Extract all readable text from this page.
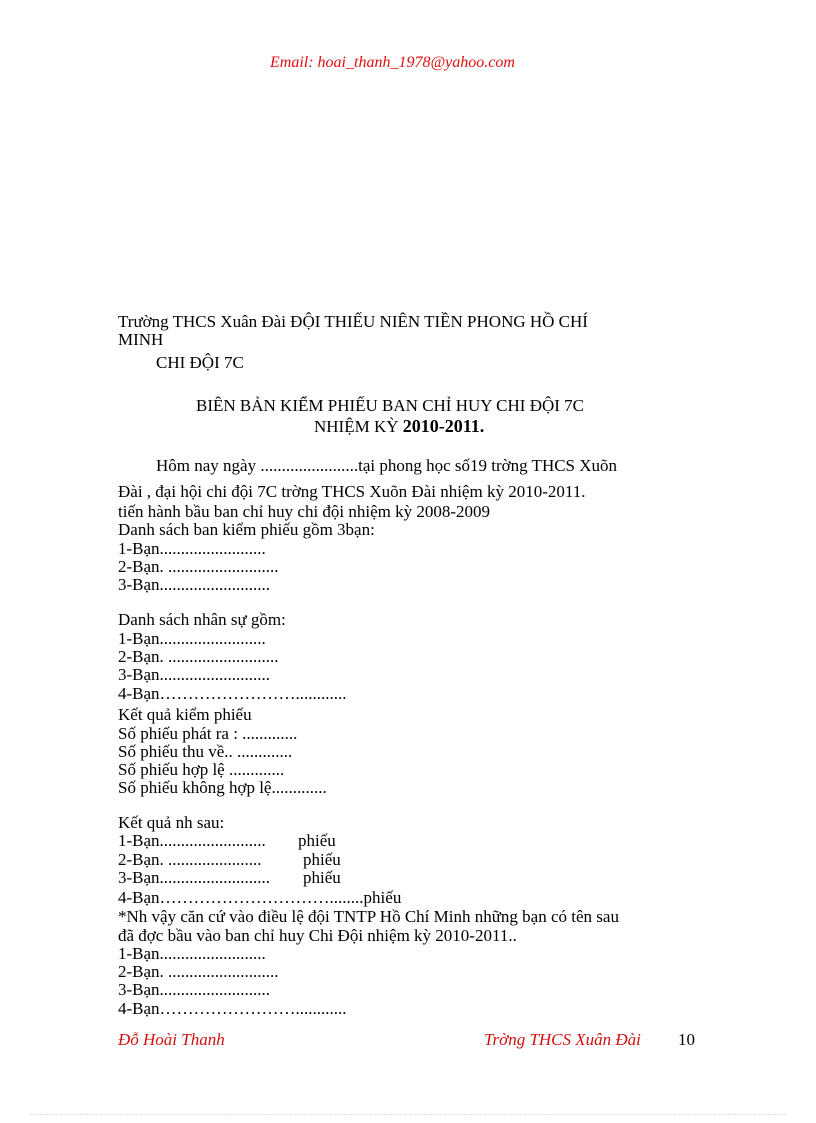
Email: hoai_thanh_1978@yahoo.com
Trường THCS Xuân Đài ĐỘI THIẾU NIÊN TIỀN PHONG HỒ CHÍ
MINH
CHI ĐỘI 7C
BIÊN BẢN KIỂM PHIẾU BAN CHỈ HUY CHI ĐỘI 7C
NHIỆM KỲ 2010-2011.
Hôm nay ngày .......................tại phong học số19 trờng THCS Xuõn
Đài , đại hội chi đội 7C trờng THCS Xuõn Đài nhiệm kỳ 2010-2011.
tiến hành bầu ban chỉ huy chi đội nhiệm kỳ 2008-2009
Danh sách ban kiểm phiếu gồm 3bạn:
1-Bạn.........................
2-Bạn. ..........................
3-Bạn..........................
Danh sách nhân sự gồm:
1-Bạn.........................
2-Bạn. ..........................
3-Bạn..........................
4-Bạn……………………............
Kết quả kiểm phiếu
Số phiếu phát ra : .............
Số phiếu thu về.. .............
Số phiếu hợp lệ .............
Số phiếu không hợp lệ.............
Kết quả nh sau:
1-Bạn......................... phiếu
2-Bạn. ...................... phiếu
3-Bạn.......................... phiếu
4-Bạn…………………………........phiếu
*Nh vậy căn cứ vào điều lệ đội TNTP Hồ Chí Minh những bạn có tên sau
đã đợc bầu vào ban chỉ huy Chi Đội nhiệm kỳ 2010-2011..
1-Bạn.........................
2-Bạn. ..........................
3-Bạn..........................
4-Bạn……………………............
Đỗ Hoài Thanh	Trờng THCS Xuân Đài 10
